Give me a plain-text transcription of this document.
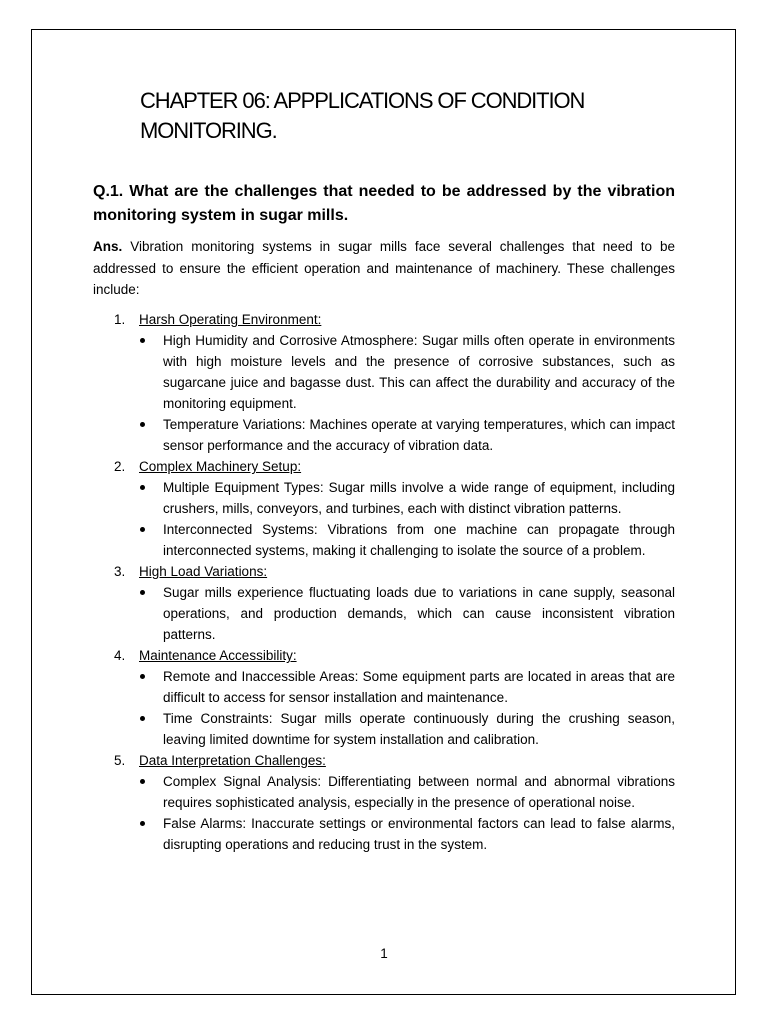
CHAPTER 06: APPPLICATIONS OF CONDITION MONITORING.
Q.1. What are the challenges that needed to be addressed by the vibration monitoring system in sugar mills.
Ans. Vibration monitoring systems in sugar mills face several challenges that need to be addressed to ensure the efficient operation and maintenance of machinery. These challenges include:
1.	Harsh Operating Environment:
High Humidity and Corrosive Atmosphere: Sugar mills often operate in environments with high moisture levels and the presence of corrosive substances, such as sugarcane juice and bagasse dust. This can affect the durability and accuracy of the monitoring equipment.
Temperature Variations: Machines operate at varying temperatures, which can impact sensor performance and the accuracy of vibration data.
2.	Complex Machinery Setup:
Multiple Equipment Types: Sugar mills involve a wide range of equipment, including crushers, mills, conveyors, and turbines, each with distinct vibration patterns.
Interconnected Systems: Vibrations from one machine can propagate through interconnected systems, making it challenging to isolate the source of a problem.
3.	High Load Variations:
Sugar mills experience fluctuating loads due to variations in cane supply, seasonal operations, and production demands, which can cause inconsistent vibration patterns.
4.	Maintenance Accessibility:
Remote and Inaccessible Areas: Some equipment parts are located in areas that are difficult to access for sensor installation and maintenance.
Time Constraints: Sugar mills operate continuously during the crushing season, leaving limited downtime for system installation and calibration.
5.	Data Interpretation Challenges:
Complex Signal Analysis: Differentiating between normal and abnormal vibrations requires sophisticated analysis, especially in the presence of operational noise.
False Alarms: Inaccurate settings or environmental factors can lead to false alarms, disrupting operations and reducing trust in the system.
1
